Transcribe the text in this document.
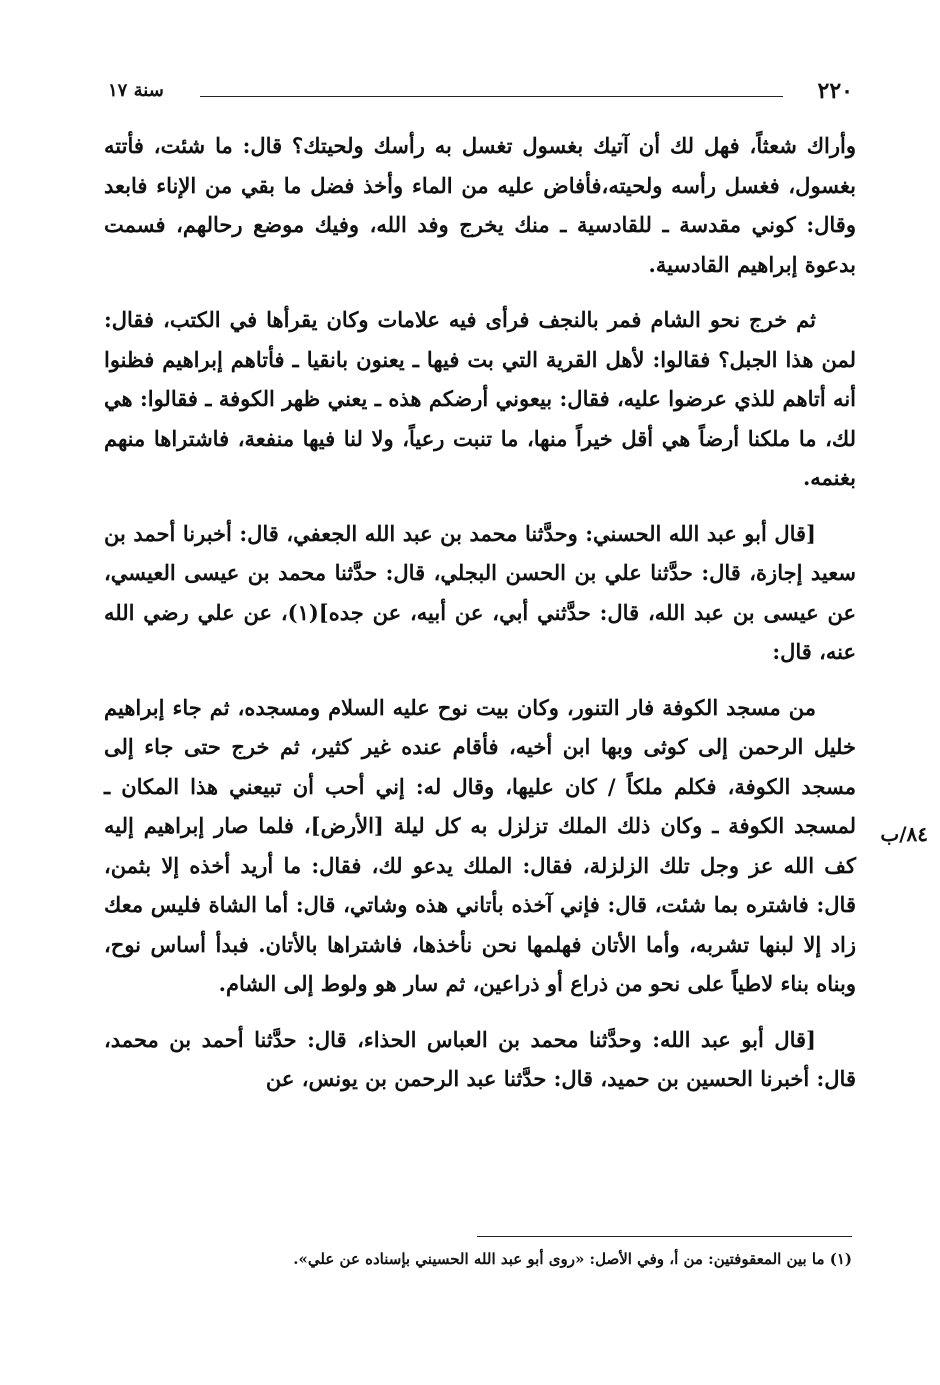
٢٢٠
سنة ١٧
٨٤/ب

وأراك شعثاً، فهل لك أن آتيك بغسول تغسل به رأسك ولحيتك؟ قال: ما شئت، فأتته بغسول، فغسل رأسه ولحيته،فأفاض عليه من الماء وأخذ فضل ما بقي من الإناء فابعد وقال: كوني مقدسة ـ للقادسية ـ منك يخرج وفد الله، وفيك موضع رحالهم، فسمت بدعوة إبراهيم القادسية.

ثم خرج نحو الشام فمر بالنجف فرأى فيه علامات وكان يقرأها في الكتب، فقال: لمن هذا الجبل؟ فقالوا: لأهل القرية التي بت فيها ـ يعنون بانقيا ـ فأتاهم إبراهيم فظنوا أنه أتاهم للذي عرضوا عليه، فقال: بيعوني أرضكم هذه ـ يعني ظهر الكوفة ـ فقالوا: هي لك، ما ملكنا أرضاً هي أقل خيراً منها، ما تنبت رعياً، ولا لنا فيها منفعة، فاشتراها منهم بغنمه.

[قال أبو عبد الله الحسني: وحدَّثنا محمد بن عبد الله الجعفي، قال: أخبرنا أحمد بن سعيد إجازة، قال: حدَّثنا علي بن الحسن البجلي، قال: حدَّثنا محمد بن عيسى العيسي، عن عيسى بن عبد الله، قال: حدَّثني أبي، عن أبيه، عن جده](١)، عن علي رضي الله عنه، قال:

من مسجد الكوفة فار التنور، وكان بيت نوح عليه السلام ومسجده، ثم جاء إبراهيم خليل الرحمن إلى كوثى وبها ابن أخيه، فأقام عنده غير كثير، ثم خرج حتى جاء إلى مسجد الكوفة، فكلم ملكاً / كان عليها، وقال له: إني أحب أن تبيعني هذا المكان ـ لمسجد الكوفة ـ وكان ذلك الملك تزلزل به كل ليلة [الأرض]، فلما صار إبراهيم إليه كف الله عز وجل تلك الزلزلة، فقال: الملك يدعو لك، فقال: ما أريد أخذه إلا بثمن، قال: فاشتره بما شئت، قال: فإني آخذه بأتاني هذه وشاتي، قال: أما الشاة فليس معك زاد إلا لبنها تشربه، وأما الأتان فهلمها نحن نأخذها، فاشتراها بالأتان. فبدأ أساس نوح، وبناه بناء لاطياً على نحو من ذراع أو ذراعين، ثم سار هو ولوط إلى الشام.

[قال أبو عبد الله: وحدَّثنا محمد بن العباس الحذاء، قال: حدَّثنا أحمد بن محمد، قال: أخبرنا الحسين بن حميد، قال: حدَّثنا عبد الرحمن بن يونس، عن

(١) ما بين المعقوفتين: من أ، وفي الأصل: «روى أبو عبد الله الحسيني بإسناده عن علي».
